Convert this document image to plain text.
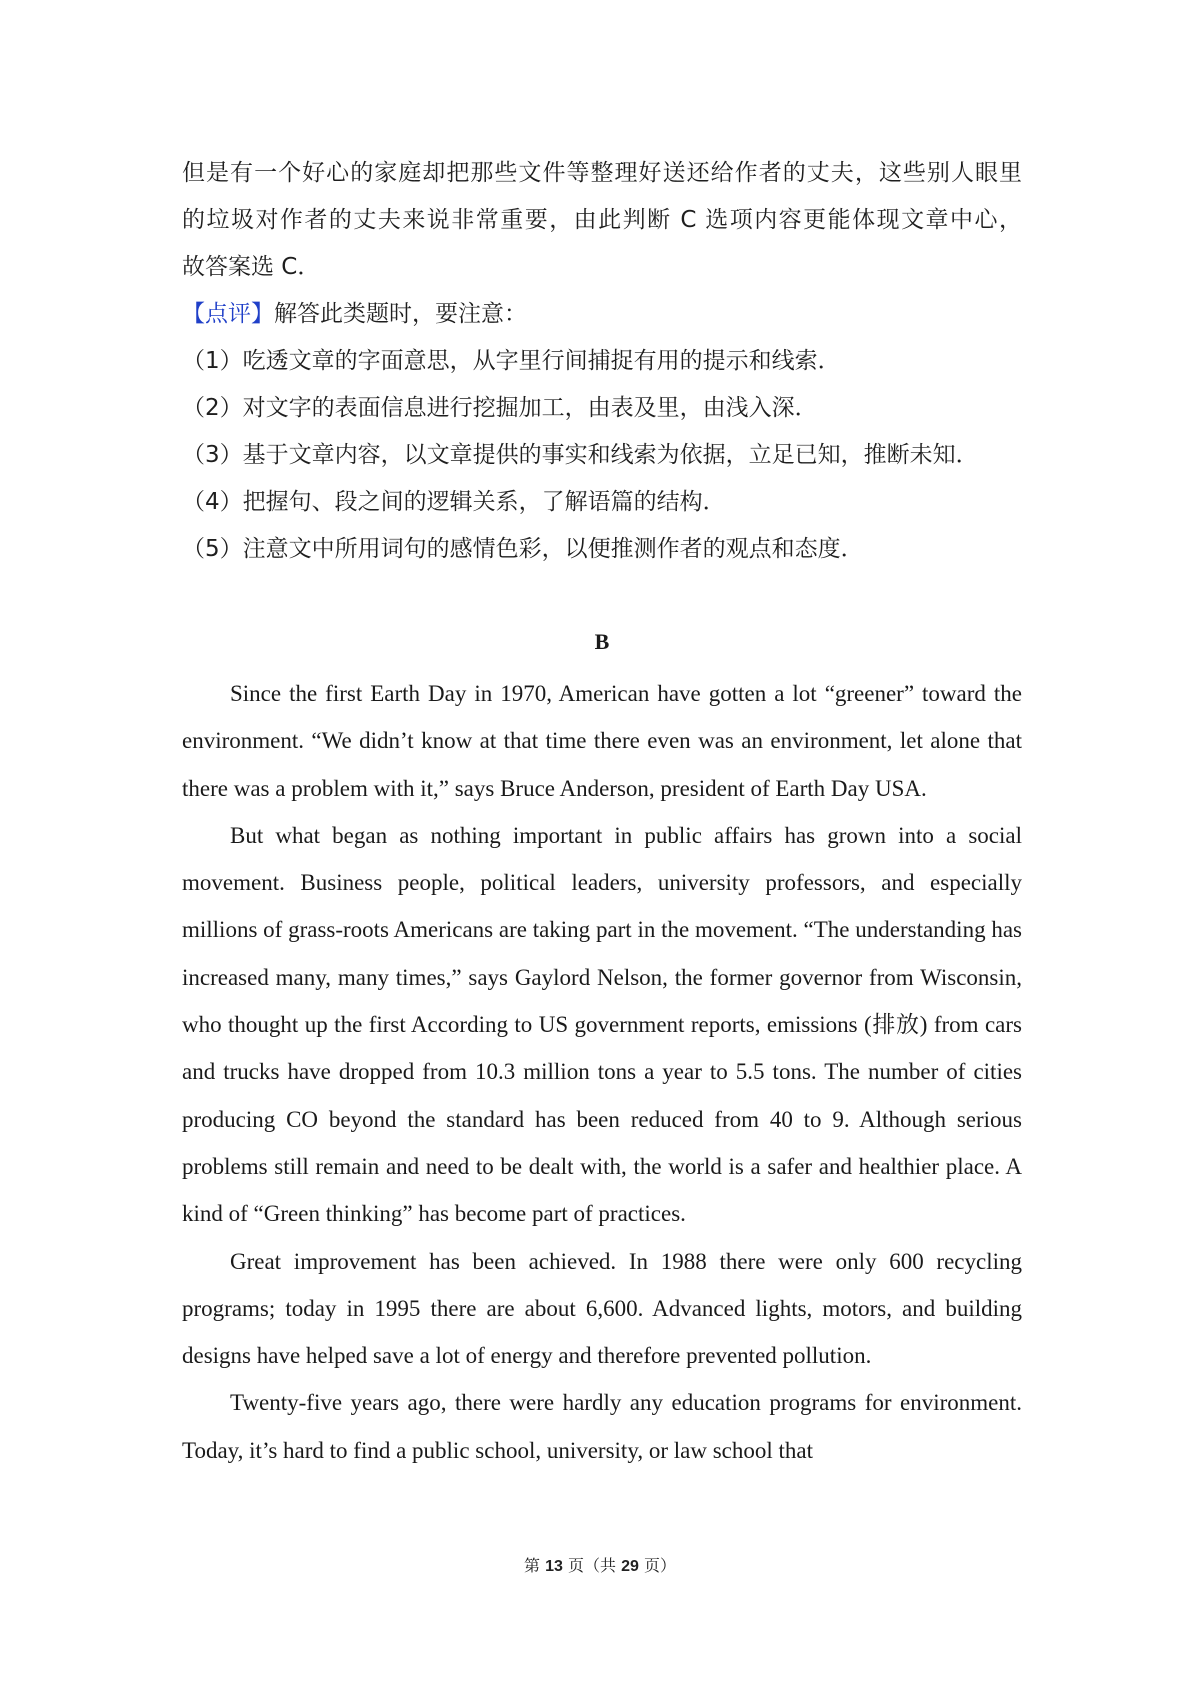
但是有一个好心的家庭却把那些文件等整理好送还给作者的丈夫，这些别人眼里
的垃圾对作者的丈夫来说非常重要，由此判断 C 选项内容更能体现文章中心，
故答案选 C．
【点评】解答此类题时，要注意：
（1）吃透文章的字面意思，从字里行间捕捉有用的提示和线索．
（2）对文字的表面信息进行挖掘加工，由表及里，由浅入深．
（3）基于文章内容，以文章提供的事实和线索为依据，立足已知，推断未知．
（4）把握句、段之间的逻辑关系，了解语篇的结构．
（5）注意文中所用词句的感情色彩，以便推测作者的观点和态度．
B

Since the first Earth Day in 1970, American have gotten a lot “greener” toward the environment. “We didn’t know at that time there even was an environment, let alone that there was a problem with it,” says Bruce Anderson, president of Earth Day USA.

But what began as nothing important in public affairs has grown into a social movement. Business people, political leaders, university professors, and especially millions of grass-roots Americans are taking part in the movement. “The understanding has increased many, many times,” says Gaylord Nelson, the former governor from Wisconsin, who thought up the first According to US government reports, emissions (排放) from cars and trucks have dropped from 10.3 million tons a year to 5.5 tons. The number of cities producing CO beyond the standard has been reduced from 40 to 9. Although serious problems still remain and need to be dealt with, the world is a safer and healthier place. A kind of “Green thinking” has become part of practices.

Great improvement has been achieved. In 1988 there were only 600 recycling programs; today in 1995 there are about 6,600. Advanced lights, motors, and building designs have helped save a lot of energy and therefore prevented pollution.

Twenty-five years ago, there were hardly any education programs for environment. Today, it’s hard to find a public school, university, or law school that

第 13 页（共 29 页）
